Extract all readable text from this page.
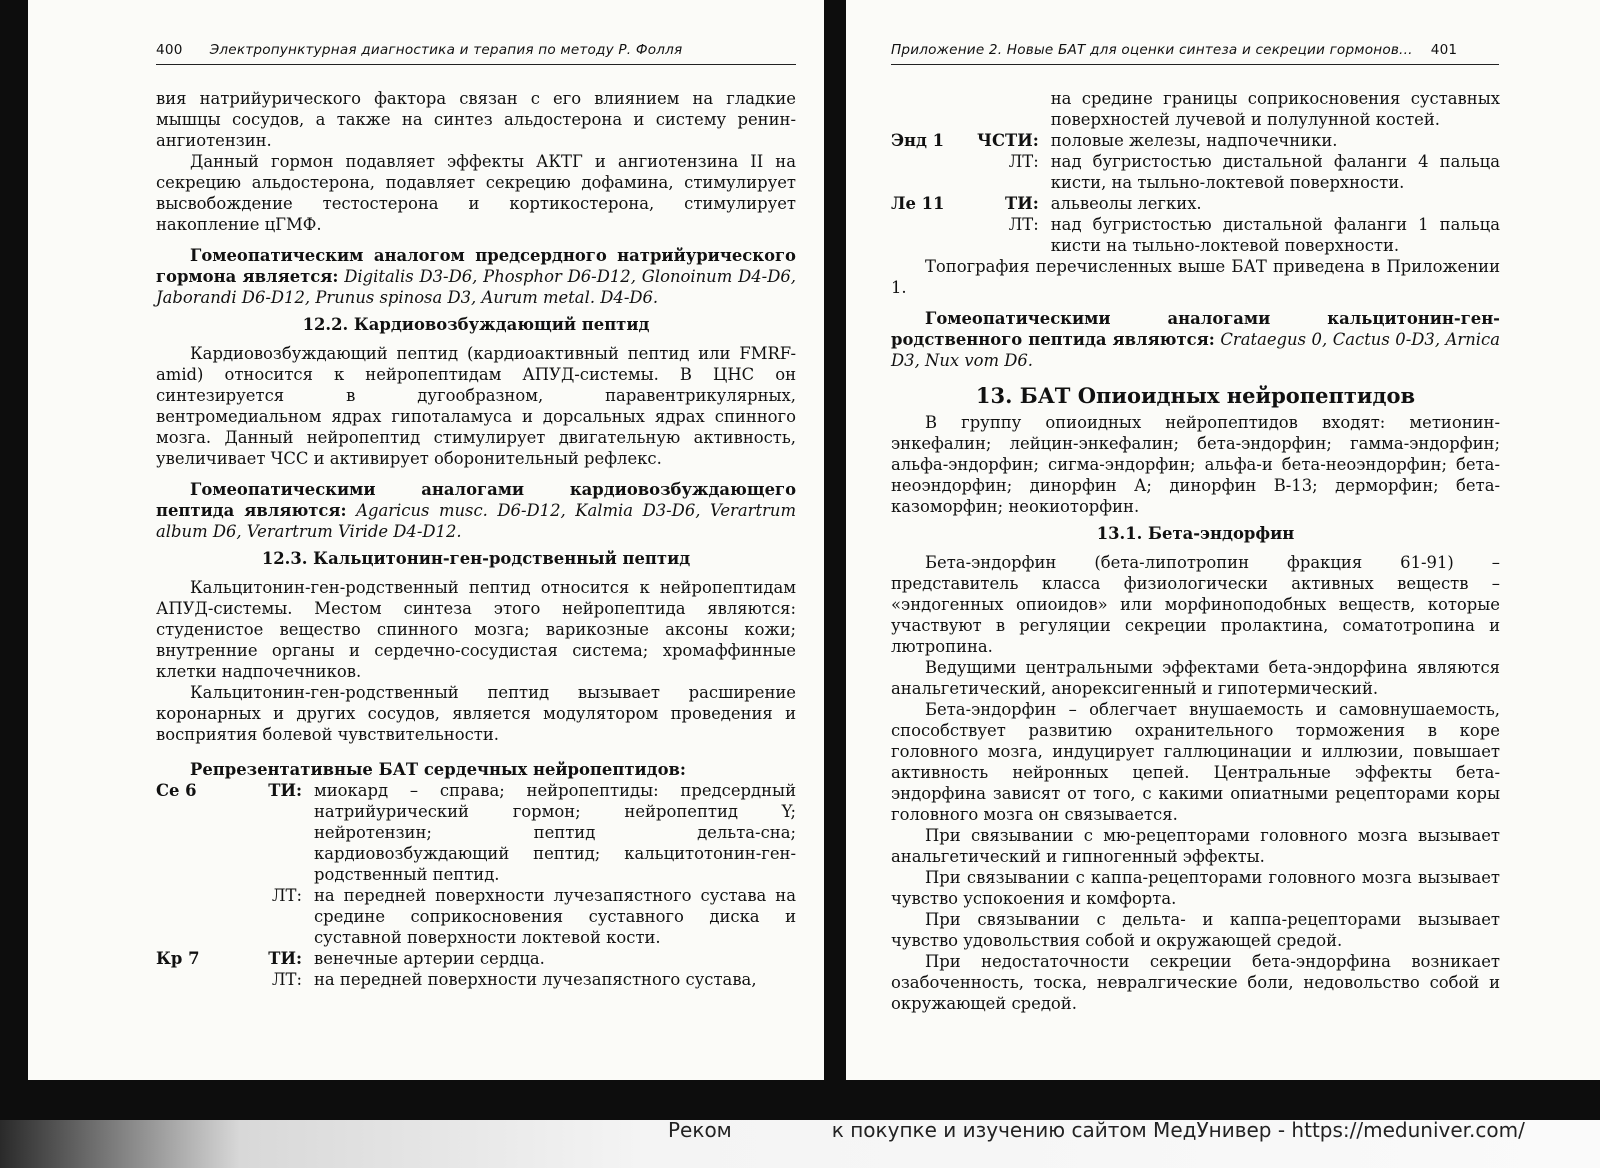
400 Электропунктурная диагностика и терапия по методу Р. Фолля

вия натрийуричеcкого фактора связан с его влиянием на гладкие мышцы сосудов, а также на синтез альдостерона и систему ренин-ангиотензин.

Данный гормон подавляет эффекты АКТГ и ангиотензина II на секрецию альдостерона, подавляет секрецию дофамина, стимулирует высвобождение тестостерона и кортикостерона, стимулирует накопление цГМФ.

Гомеопатическим аналогом предсердного натрийуричеcкого гормона является: Digitalis D3-D6, Phosphor D6-D12, Glonoinum D4-D6, Jaborandi D6-D12, Prunus spinosa D3, Aurum metal. D4-D6.

12.2. Кардиовозбуждающий пептид

Кардиовозбуждающий пептид (кардиоактивный пептид или FMRF-amid) относится к нейропептидам АПУД-системы. В ЦНС он синтезируется в дугообразном, паравентрикулярных, вентромедиальном ядрах гипоталамуса и дорсальных ядрах спинного мозга. Данный нейропептид стимулирует двигательную активность, увеличивает ЧСС и активирует оборонительный рефлекс.

Гомеопатическими аналогами кардиовозбуждающего пептида являются: Agaricus musc. D6-D12, Kalmia D3-D6, Verartrum album D6, Verartrum Viride D4-D12.

12.3. Кальцитонин-ген-родственный пептид

Кальцитонин-ген-родственный пептид относится к нейропептидам АПУД-системы. Местом синтеза этого нейропептида являются: студенистое вещество спинного мозга; варикозные аксоны кожи; внутренние органы и сердечно-сосудистая система; хромаффинные клетки надпочечников.

Кальцитонин-ген-родственный пептид вызывает расширение коронарных и других сосудов, является модулятором проведения и восприятия болевой чувствительности.

Репрезентативные БАТ сердечных нейропептидов:
Се 6	ТИ:	миокард – справа; нейропептиды: предсердный натрийуричеcкий гормон; нейропептид Y; нейротензин; пептид дельта-сна; кардиовозбуждающий пептид; кальцитотонин-ген-родственный пептид.
	ЛТ:	на передней поверхности лучезапястного сустава на средине соприкосновения суставного диска и суставной поверхности локтевой кости.
Кр 7	ТИ:	венечные артерии сердца.
	ЛТ:	на передней поверхности лучезапястного сустава,
Приложение 2. Новые БАТ для оценки синтеза и секреции гормонов... 401
		на средине границы соприкосновения суставных поверхностей лучевой и полулунной костей.
Энд 1	ЧСТИ:	половые железы, надпочечники.
	ЛТ:	над бугристостью дистальной фаланги 4 пальца кисти, на тыльно-локтевой поверхности.
Ле 11	ТИ:	альвеолы легких.
	ЛТ:	над бугристостью дистальной фаланги 1 пальца кисти на тыльно-локтевой поверхности.

Топография перечисленных выше БАТ приведена в Приложении 1.

Гомеопатическими аналогами кальцитонин-ген-родственного пептида являются: Crataegus 0, Cactus 0-D3, Arnica D3, Nux vom D6.

13. БАТ Опиоидных нейропептидов

В группу опиоидных нейропептидов входят: метионин-энкефалин; лейцин-энкефалин; бета-эндорфин; гамма-эндорфин; альфа-эндорфин; сигма-эндорфин; альфа-и бета-неоэндорфин; бета-неоэндорфин; динорфин А; динорфин В-13; дерморфин; бета-казоморфин; неокиоторфин.

13.1. Бета-эндорфин

Бета-эндорфин (бета-липотропин фракция 61-91) – представитель класса физиологически активных веществ – «эндогенных опиоидов» или морфиноподобных веществ, которые участвуют в регуляции секреции пролактина, соматотропина и лютропина.

Ведущими центральными эффектами бета-эндорфина являются анальгетический, анорексигенный и гипотермический.

Бета-эндорфин – облегчает внушаемость и самовнушаемость, способствует развитию охранительного торможения в коре головного мозга, индуцирует галлюцинации и иллюзии, повышает активность нейронных цепей. Центральные эффекты бета-эндорфина зависят от того, с какими опиатными рецепторами коры головного мозга он связывается.

При связывании с мю-рецепторами головного мозга вызывает анальгетический и гипногенный эффекты.

При связывании с каппа-рецепторами головного мозга вызывает чувство успокоения и комфорта.

При связывании с дельта- и каппа-рецепторами вызывает чувство удовольствия собой и окружающей средой.

При недостаточности секреции бета-эндорфина возникает озабоченность, тоска, невралгические боли, недовольство собой и окружающей средой.

Реком	к покупке и изучению сайтом МедУнивер - https://meduniver.com/
